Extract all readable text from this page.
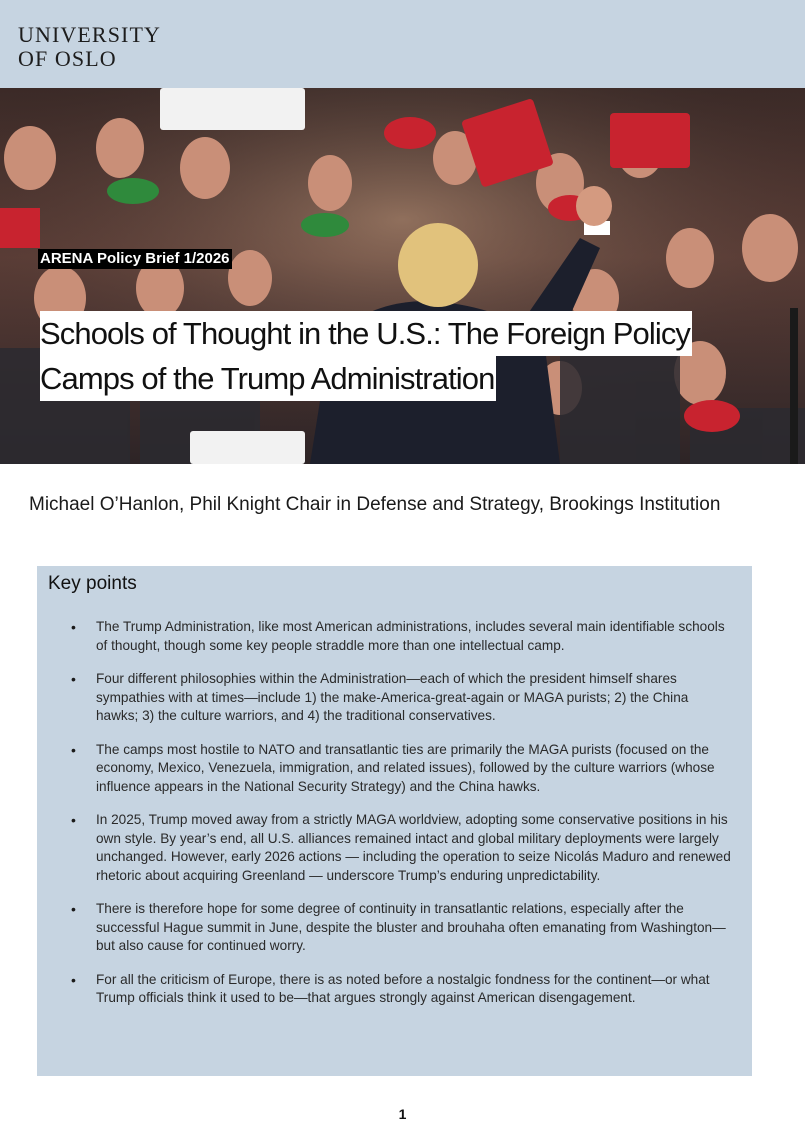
UNIVERSITY
OF OSLO
ARENA Policy Brief 1/2026
Schools of Thought in the U.S.: The Foreign Policy
Camps of the Trump Administration
Michael O’Hanlon, Phil Knight Chair in Defense and Strategy, Brookings Institution
Key points
• The Trump Administration, like most American administrations, includes several main identifiable schools of thought, though some key people straddle more than one intellectual camp.
• Four different philosophies within the Administration—each of which the president himself shares sympathies with at times—include 1) the make-America-great-again or MAGA purists; 2) the China hawks; 3) the culture warriors, and 4) the traditional conservatives.
• The camps most hostile to NATO and transatlantic ties are primarily the MAGA purists (focused on the economy, Mexico, Venezuela, immigration, and related issues), followed by the culture warriors (whose influence appears in the National Security Strategy) and the China hawks.
• In 2025, Trump moved away from a strictly MAGA worldview, adopting some conservative positions in his own style. By year’s end, all U.S. alliances remained intact and global military deployments were largely unchanged. However, early 2026 actions — including the operation to seize Nicolás Maduro and renewed rhetoric about acquiring Greenland — underscore Trump’s enduring unpredictability.
• There is therefore hope for some degree of continuity in transatlantic relations, especially after the successful Hague summit in June, despite the bluster and brouhaha often emanating from Washington—but also cause for continued worry.
• For all the criticism of Europe, there is as noted before a nostalgic fondness for the continent—or what Trump officials think it used to be—that argues strongly against American disengagement.
1
